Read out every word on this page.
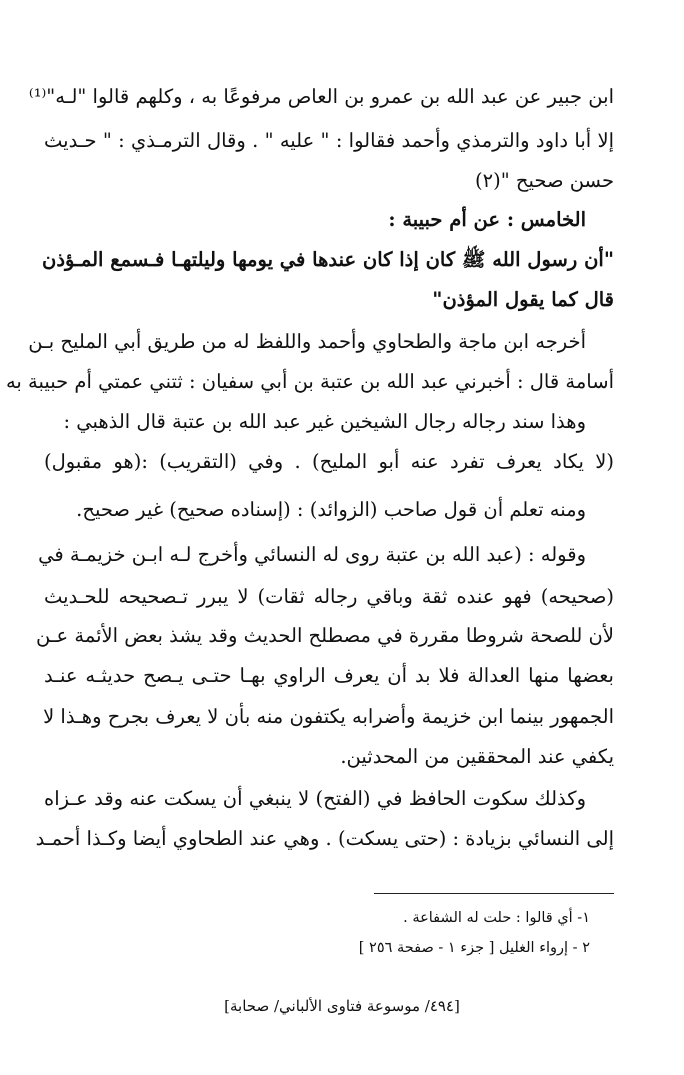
ابن جبير عن عبد الله بن عمرو بن العاص مرفوعًا به ، وكلهم قالوا "لـه"⁽¹⁾
إلا أبا داود والترمذي وأحمد فقالوا : " عليه " . وقال الترمـذي : " حـديث
حسن صحيح "(٢)
الخامس : عن أم حبيبة :
"أن رسول الله ﷺ كان إذا كان عندها في يومها وليلتهـا فـسمع المـؤذن
قال كما يقول المؤذن"
أخرجه ابن ماجة والطحاوي وأحمد واللفظ له من طريق أبي المليح بـن
أسامة قال : أخبرني عبد الله بن عتبة بن أبي سفيان : ثتني عمتي أم حبيبة به
وهذا سند رجاله رجال الشيخين غير عبد الله بن عتبة قال الذهبي :
(لا يكاد يعرف تفرد عنه أبو المليح) . وفي (التقريب) :(هو مقبول)
ومنه تعلم أن قول صاحب (الزوائد) : (إسناده صحيح) غير صحيح.
وقوله : (عبد الله بن عتبة روى له النسائي وأخرج لـه ابـن خزيمـة في
(صحيحه) فهو عنده ثقة وباقي رجاله ثقات) لا يبرر تـصحيحه للحـديث
لأن للصحة شروطا مقررة في مصطلح الحديث وقد يشذ بعض الأئمة عـن
بعضها منها العدالة فلا بد أن يعرف الراوي بهـا حتـى يـصح حديثـه عنـد
الجمهور بينما ابن خزيمة وأضرابه يكتفون منه بأن لا يعرف بجرح وهـذا لا
يكفي عند المحققين من المحدثين.
وكذلك سكوت الحافظ في (الفتح) لا ينبغي أن يسكت عنه وقد عـزاه
إلى النسائي بزيادة : (حتى يسكت) . وهي عند الطحاوي أيضا وكـذا أحمـد
١- أي قالوا : حلت له الشفاعة .
٢ - إرواء الغليل [ جزء ١ - صفحة ٢٥٦ ]
[٤٩٤/ موسوعة فتاوى الألباني/ صحابة]
